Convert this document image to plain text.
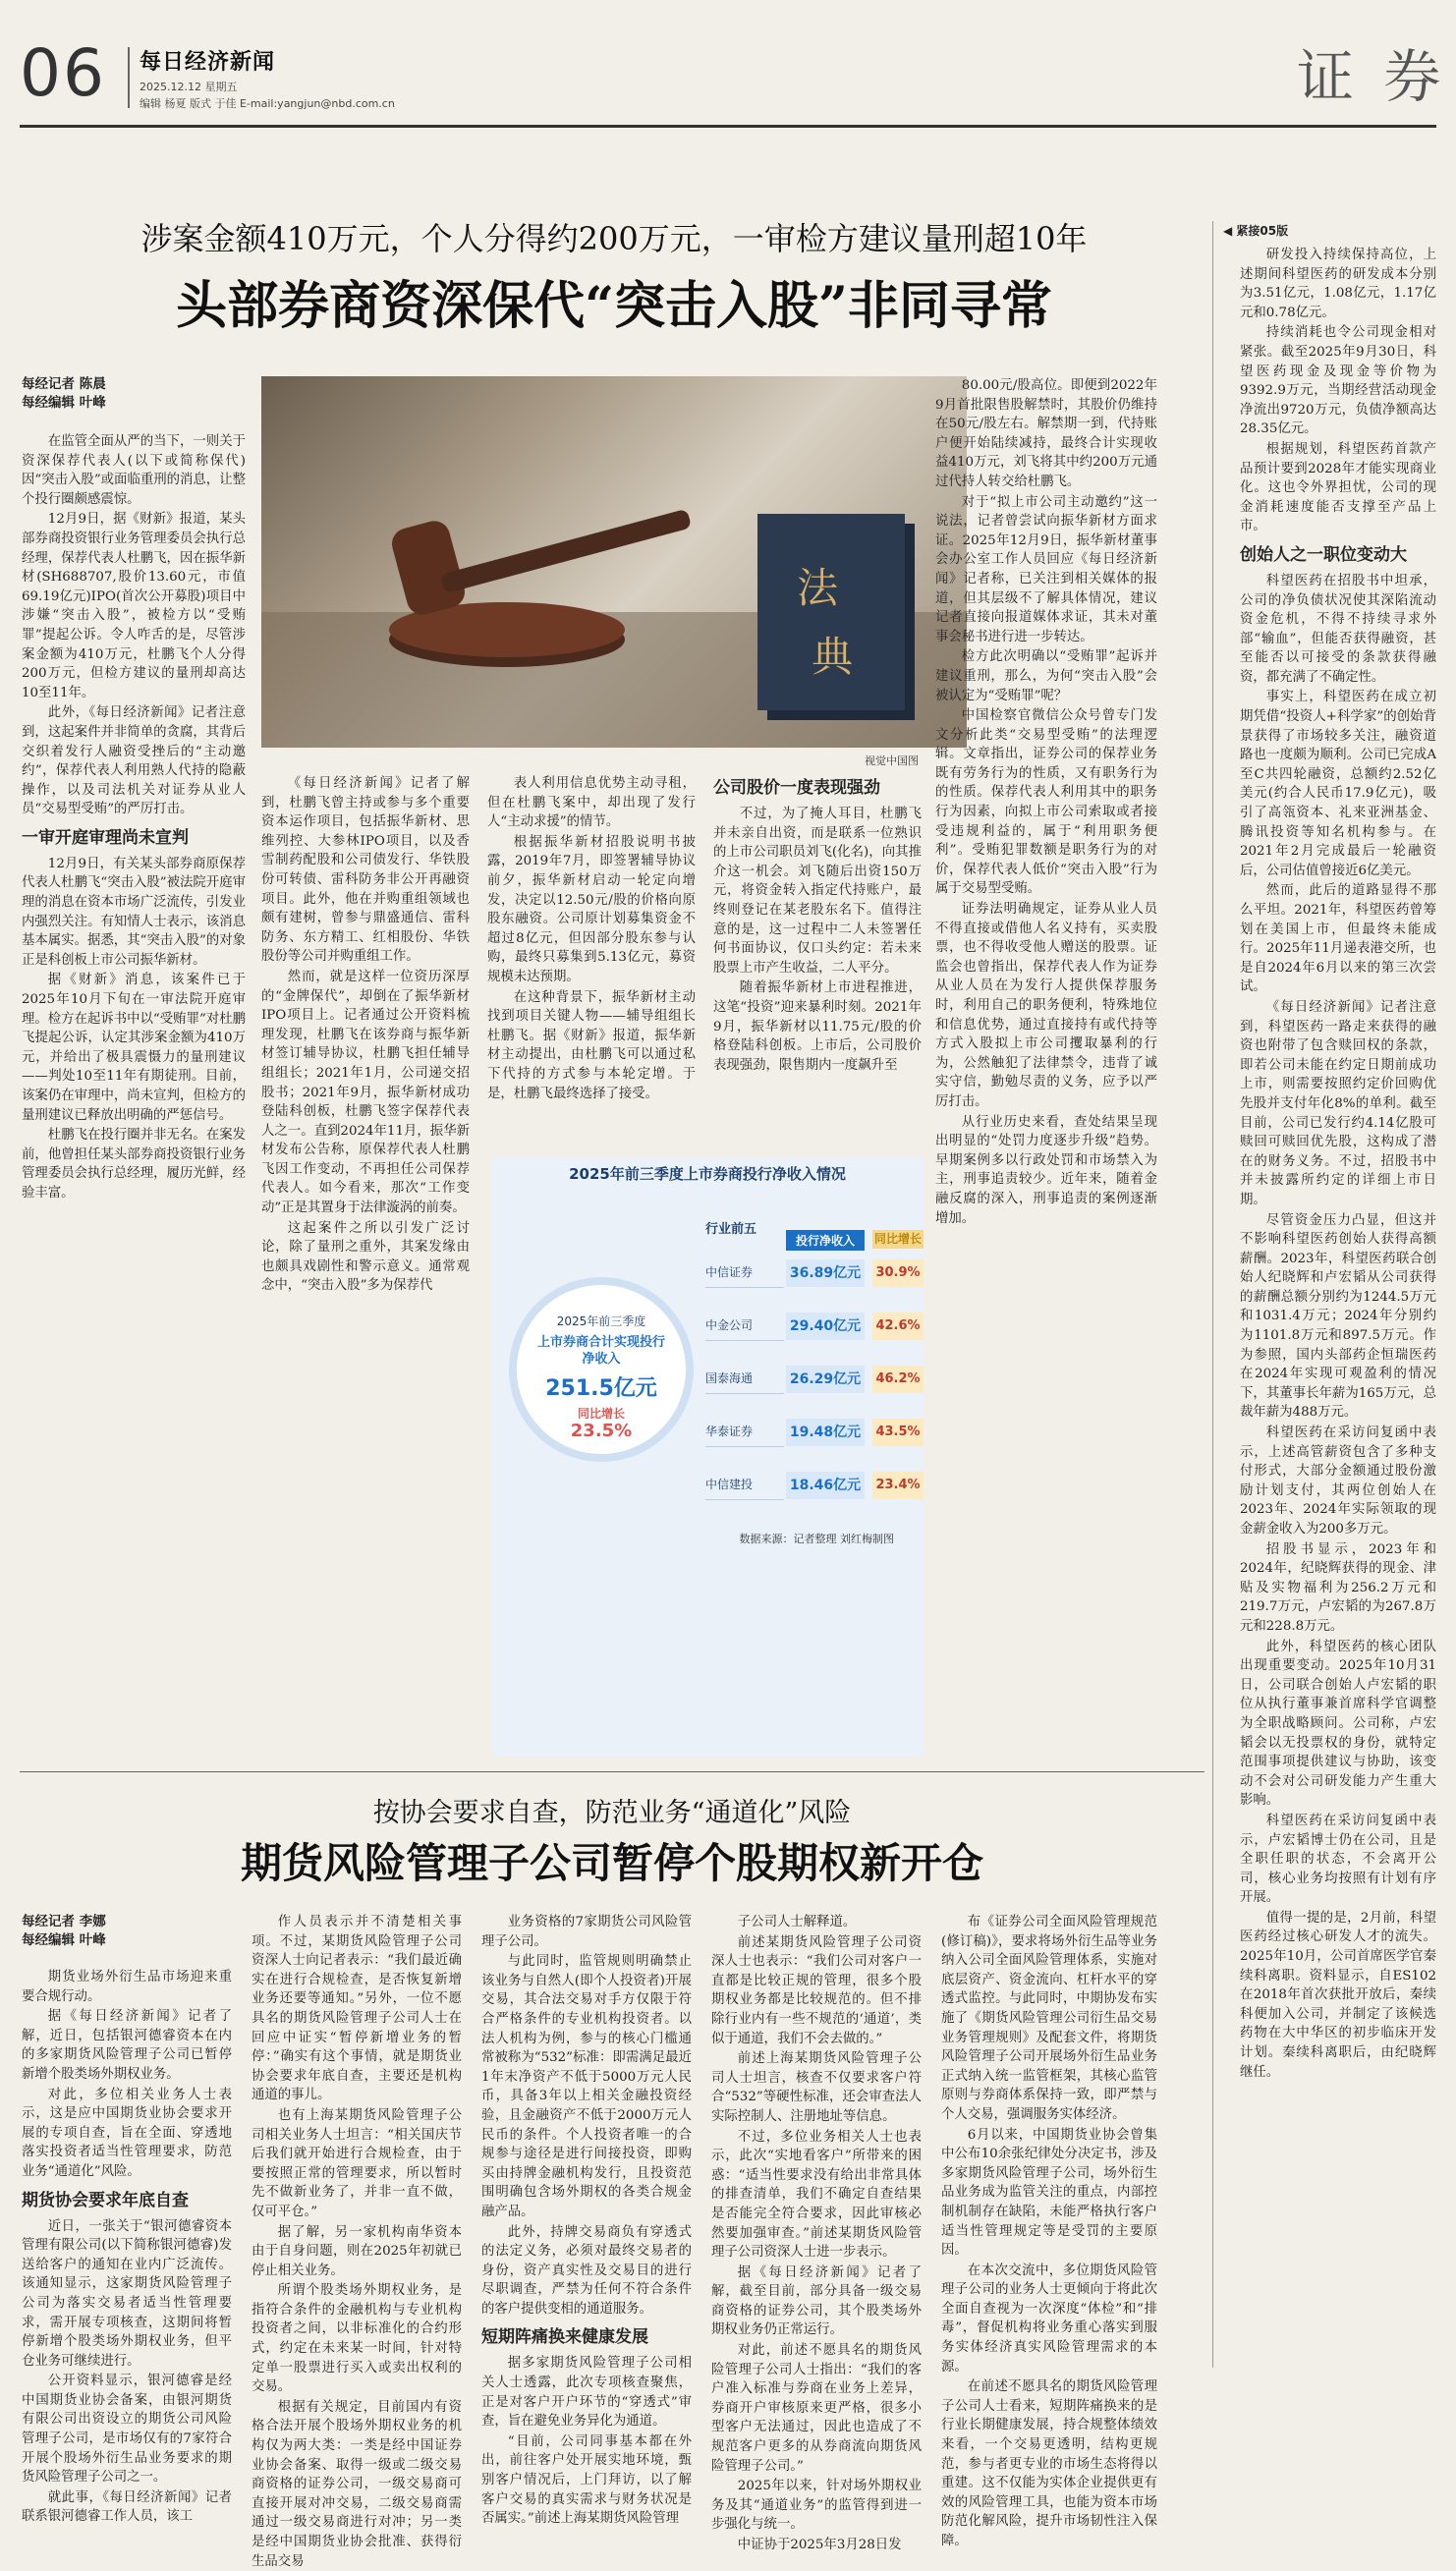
06 每日经济新闻
2025.12.12 星期五
编辑 杨夏 版式 于佳 E-mail:yangjun@nbd.com.cn	证 券
涉案金额410万元，个人分得约200万元，一审检方建议量刑超10年
头部券商资深保代“突击入股”非同寻常
每经记者 陈晨
每经编辑 叶峰

在监管全面从严的当下，一则关于资深保荐代表人(以下或简称保代)因“突击入股”或面临重刑的消息，让整个投行圈颇感震惊。

12月9日，据《财新》报道，某头部券商投资银行业务管理委员会执行总经理，保荐代表人杜鹏飞，因在振华新材(SH688707,股价13.60元，市值69.19亿元)IPO(首次公开募股)项目中涉嫌“突击入股”，被检方以“受贿罪”提起公诉。令人咋舌的是，尽管涉案金额为410万元，杜鹏飞个人分得200万元，但检方建议的量刑却高达10至11年。

此外，《每日经济新闻》记者注意到，这起案件并非简单的贪腐，其背后交织着发行人融资受挫后的“主动邀约”，保荐代表人利用熟人代持的隐蔽操作，以及司法机关对证券从业人员“交易型受贿”的严厉打击。

一审开庭审理尚未宣判

12月9日，有关某头部券商原保荐代表人杜鹏飞“突击入股”被法院开庭审理的消息在资本市场广泛流传，引发业内强烈关注。有知情人士表示，该消息基本属实。据悉，其“突击入股”的对象正是科创板上市公司振华新材。

据《财新》消息，该案件已于2025年10月下旬在一审法院开庭审理。检方在起诉书中以“受贿罪”对杜鹏飞提起公诉，认定其涉案金额为410万元，并给出了极具震慑力的量刑建议——判处10至11年有期徒刑。目前，该案仍在审理中，尚未宣判，但检方的量刑建议已释放出明确的严惩信号。

杜鹏飞在投行圈并非无名。在案发前，他曾担任某头部券商投资银行业务管理委员会执行总经理，履历光鲜，经验丰富。

法
典
视觉中国图

《每日经济新闻》记者了解到，杜鹏飞曾主持或参与多个重要资本运作项目，包括振华新材、思维列控、大参林IPO项目，以及香雪制药配股和公司债发行、华铁股份可转债、雷科防务非公开再融资项目。此外，他在并购重组领域也颇有建树，曾参与鼎盛通信、雷科防务、东方精工、红相股份、华铁股份等公司并购重组工作。

然而，就是这样一位资历深厚的“金牌保代”，却倒在了振华新材IPO项目上。记者通过公开资料梳理发现，杜鹏飞在该券商与振华新材签订辅导协议，杜鹏飞担任辅导组组长；2021年1月，公司递交招股书；2021年9月，振华新材成功登陆科创板，杜鹏飞签字保荐代表人之一。直到2024年11月，振华新材发布公告称，原保荐代表人杜鹏飞因工作变动，不再担任公司保荐代表人。如今看来，那次“工作变动”正是其置身于法律漩涡的前奏。

这起案件之所以引发广泛讨论，除了量刑之重外，其案发缘由也颇具戏剧性和警示意义。通常观念中，“突击入股”多为保荐代

表人利用信息优势主动寻租，但在杜鹏飞案中，却出现了发行人“主动求援”的情节。

根据振华新材招股说明书披露，2019年7月，即签署辅导协议前夕，振华新材启动一轮定向增发，决定以12.50元/股的价格向原股东融资。公司原计划募集资金不超过8亿元，但因部分股东参与认购，最终只募集到5.13亿元，募资规模未达预期。

在这种背景下，振华新材主动找到项目关键人物——辅导组组长杜鹏飞。据《财新》报道，振华新材主动提出，由杜鹏飞可以通过私下代持的方式参与本轮定增。于是，杜鹏飞最终选择了接受。

公司股价一度表现强劲

不过，为了掩人耳目，杜鹏飞并未亲自出资，而是联系一位熟识的上市公司职员刘飞(化名)，向其推介这一机会。刘飞随后出资150万元，将资金转入指定代持账户，最终则登记在某老股东名下。值得注意的是，这一过程中二人未签署任何书面协议，仅口头约定：若未来股票上市产生收益，二人平分。

随着振华新材上市进程推进，这笔“投资”迎来暴利时刻。2021年9月，振华新材以11.75元/股的价格登陆科创板。上市后，公司股价表现强劲，限售期内一度飙升至

80.00元/股高位。即便到2022年9月首批限售股解禁时，其股价仍维持在50元/股左右。解禁期一到，代持账户便开始陆续减持，最终合计实现收益410万元，刘飞将其中约200万元通过代持人转交给杜鹏飞。

对于“拟上市公司主动邀约”这一说法，记者曾尝试向振华新材方面求证。2025年12月9日，振华新材董事会办公室工作人员回应《每日经济新闻》记者称，已关注到相关媒体的报道，但其层级不了解具体情况，建议记者直接向报道媒体求证，其未对董事会秘书进行进一步转达。

检方此次明确以“受贿罪”起诉并建议重刑，那么，为何“突击入股”会被认定为“受贿罪”呢？

中国检察官微信公众号曾专门发文分析此类“交易型受贿”的法理逻辑。文章指出，证券公司的保荐业务既有劳务行为的性质，又有职务行为的性质。保荐代表人利用其中的职务行为因素，向拟上市公司索取或者接受违规利益的，属于“利用职务便利”。受贿犯罪数额是职务行为的对价，保荐代表人低价“突击入股”行为属于交易型受贿。

证券法明确规定，证券从业人员不得直接或借他人名义持有，买卖股票，也不得收受他人赠送的股票。证监会也曾指出，保荐代表人作为证券从业人员在为发行人提供保荐服务时，利用自己的职务便利，特殊地位和信息优势，通过直接持有或代持等方式入股拟上市公司攫取暴利的行为，公然触犯了法律禁令，违背了诚实守信，勤勉尽责的义务，应予以严厉打击。

从行业历史来看，查处结果呈现出明显的“处罚力度逐步升级”趋势。早期案例多以行政处罚和市场禁入为主，刑事追责较少。近年来，随着金融反腐的深入，刑事追责的案例逐渐增加。

2025年前三季度上市券商投行净收入情况
2025年前三季度
上市券商合计实现投行净收入
251.5亿元
同比增长
23.5%
行业前五
投行净收入	同比增长
中信证券	36.89亿元 30.9%
中金公司	29.40亿元 42.6%
国泰海通	26.29亿元 46.2%
华泰证券	19.48亿元 43.5%
中信建投	18.46亿元 23.4%
数据来源：记者整理 刘红梅制图
◀ 紧接05版

研发投入持续保持高位，上述期间科望医药的研发成本分别为3.51亿元，1.08亿元，1.17亿元和0.78亿元。

持续消耗也令公司现金相对紧张。截至2025年9月30日，科望医药现金及现金等价物为9392.9万元，当期经营活动现金净流出9720万元，负债净额高达28.35亿元。

根据规划，科望医药首款产品预计要到2028年才能实现商业化。这也令外界担忧，公司的现金消耗速度能否支撑至产品上市。

创始人之一职位变动大

科望医药在招股书中坦承，公司的净负债状况使其深陷流动资金危机，不得不持续寻求外部“输血”，但能否获得融资，甚至能否以可接受的条款获得融资，都充满了不确定性。

事实上，科望医药在成立初期凭借“投资人+科学家”的创始背景获得了市场较多关注，融资道路也一度颇为顺利。公司已完成A至C共四轮融资，总额约2.52亿美元(约合人民币17.9亿元)，吸引了高瓴资本、礼来亚洲基金、腾讯投资等知名机构参与。在2021年2月完成最后一轮融资后，公司估值曾接近6亿美元。

然而，此后的道路显得不那么平坦。2021年，科望医药曾筹划在美国上市，但最终未能成行。2025年11月递表港交所，也是自2024年6月以来的第三次尝试。

《每日经济新闻》记者注意到，科望医药一路走来获得的融资也附带了包含赎回权的条款，即若公司未能在约定日期前成功上市，则需要按照约定价回购优先股并支付年化8%的单利。截至目前，公司已发行约4.14亿股可赎回可赎回优先股，这构成了潜在的财务义务。不过，招股书中并未披露所约定的详细上市日期。

尽管资金压力凸显，但这并不影响科望医药创始人获得高额薪酬。2023年，科望医药联合创始人纪晓辉和卢宏韬从公司获得的薪酬总额分别约为1244.5万元和1031.4万元；2024年分别约为1101.8万元和897.5万元。作为参照，国内头部药企恒瑞医药在2024年实现可观盈利的情况下，其董事长年薪为165万元，总裁年薪为488万元。

科望医药在采访问复函中表示，上述高管薪资包含了多种支付形式，大部分金额通过股份激励计划支付，其两位创始人在2023年、2024年实际领取的现金薪金收入为200多万元。

招股书显示，2023年和2024年，纪晓辉获得的现金、津贴及实物福利为256.2万元和219.7万元，卢宏韬的为267.8万元和228.8万元。

此外，科望医药的核心团队出现重要变动。2025年10月31日，公司联合创始人卢宏韬的职位从执行董事兼首席科学官调整为全职战略顾问。公司称，卢宏韬会以无投票权的身份，就特定范围事项提供建议与协助，该变动不会对公司研发能力产生重大影响。

科望医药在采访问复函中表示，卢宏韬博士仍在公司，且是全职任职的状态，不会离开公司，核心业务均按照有计划有序开展。

值得一提的是，2月前，科望医药经过核心研发人才的流失。2025年10月，公司首席医学官秦续科离职。资料显示，自ES102在2018年首次获批开放后，秦续科便加入公司，并制定了该候选药物在大中华区的初步临床开发计划。秦续科离职后，由纪晓辉继任。

按协会要求自查，防范业务“通道化”风险
期货风险管理子公司暂停个股期权新开仓
每经记者 李娜
每经编辑 叶峰

期货业场外衍生品市场迎来重要合规行动。

据《每日经济新闻》记者了解，近日，包括银河德睿资本在内的多家期货风险管理子公司已暂停新增个股类场外期权业务。

对此，多位相关业务人士表示，这是应中国期货业协会要求开展的专项自查，旨在全面、穿透地落实投资者适当性管理要求，防范业务“通道化”风险。

期货协会要求年底自查

近日，一张关于“银河德睿资本管理有限公司(以下简称银河德睿)发送给客户的通知在业内广泛流传。该通知显示，这家期货风险管理子公司为落实交易者适当性管理要求，需开展专项核查，这期间将暂停新增个股类场外期权业务，但平仓业务可继续进行。

公开资料显示，银河德睿是经中国期货业协会备案，由银河期货有限公司出资设立的期货公司风险管理子公司，是市场仅有的7家符合开展个股场外衍生品业务要求的期货风险管理子公司之一。

就此事，《每日经济新闻》记者联系银河德睿工作人员，该工

作人员表示并不清楚相关事项。不过，某期货风险管理子公司资深人士向记者表示：“我们最近确实在进行合规检查，是否恢复新增业务还要等通知。”另外，一位不愿具名的期货风险管理子公司人士在回应中证实“暂停新增业务的暂停：”确实有这个事情，就是期货业协会要求年底自查，主要还是机构通道的事儿。

也有上海某期货风险管理子公司相关业务人士坦言：“相关国庆节后我们就开始进行合规检查，由于要按照正常的管理要求，所以暂时先不做新业务了，并非一直不做，仅可平仓。”

据了解，另一家机构南华资本由于自身问题，则在2025年初就已停止相关业务。

所谓个股类场外期权业务，是指符合条件的金融机构与专业机构投资者之间，以非标准化的合约形式，约定在未来某一时间，针对特定单一股票进行买入或卖出权利的交易。

根据有关规定，目前国内有资格合法开展个股场外期权业务的机构仅为两大类：一类是经中国证券业协会备案、取得一级或二级交易商资格的证券公司，一级交易商可直接开展对冲交易，二级交易商需通过一级交易商进行对冲；另一类是经中国期货业协会批准、获得衍生品交易

业务资格的7家期货公司风险管理子公司。

与此同时，监管规则明确禁止该业务与自然人(即个人投资者)开展交易，其合法交易对手方仅限于符合严格条件的专业机构投资者。以法人机构为例，参与的核心门槛通常被称为“532”标准：即需满足最近1年末净资产不低于5000万元人民币，具备3年以上相关金融投资经验，且金融资产不低于2000万元人民币的条件。个人投资者唯一的合规参与途径是进行间接投资，即购买由持牌金融机构发行，且投资范围明确包含场外期权的各类合规金融产品。

此外，持牌交易商负有穿透式的法定义务，必须对最终交易者的身份，资产真实性及交易目的进行尽职调查，严禁为任何不符合条件的客户提供变相的通道服务。

短期阵痛换来健康发展

据多家期货风险管理子公司相关人士透露，此次专项核查聚焦，正是对客户开户环节的“穿透式”审查，旨在避免业务异化为通道。

“目前，公司同事基本都在外出，前往客户处开展实地环境，甄别客户情况后，上门拜访，以了解客户交易的真实需求与财务状况是否属实。”前述上海某期货风险管理

子公司人士解释道。

前述某期货风险管理子公司资深人士也表示：“我们公司对客户一直都是比较正规的管理，很多个股期权业务都是比较规范的。但不排除行业内有一些不规范的‘通道’，类似于通道，我们不会去做的。”

前述上海某期货风险管理子公司人士坦言，核查不仅要求客户符合“532”等硬性标准，还会审查法人实际控制人、注册地址等信息。

不过，多位业务相关人士也表示，此次“实地看客户”所带来的困惑：“适当性要求没有给出非常具体的排查清单，我们不确定自查结果是否能完全符合要求，因此审核必然要加强审查。”前述某期货风险管理子公司资深人士进一步表示。

据《每日经济新闻》记者了解，截至目前，部分具备一级交易商资格的证券公司，其个股类场外期权业务仍正常运行。

对此，前述不愿具名的期货风险管理子公司人士指出：“我们的客户准入标准与券商在业务上差异，券商开户审核原来更严格，很多小型客户无法通过，因此也造成了不规范客户更多的从券商流向期货风险管理子公司。”

2025年以来，针对场外期权业务及其“通道业务”的监管得到进一步强化与统一。

中证协于2025年3月28日发

布《证券公司全面风险管理规范(修订稿)》，要求将场外衍生品等业务纳入公司全面风险管理体系，实施对底层资产、资金流向、杠杆水平的穿透式监控。与此同时，中期协发布实施了《期货风险管理公司衍生品交易业务管理规则》及配套文件，将期货风险管理子公司开展场外衍生品业务正式纳入统一监管框架，其核心监管原则与券商体系保持一致，即严禁与个人交易，强调服务实体经济。

6月以来，中国期货业协会曾集中公布10余张纪律处分决定书，涉及多家期货风险管理子公司，场外衍生品业务成为监管关注的重点，内部控制机制存在缺陷，未能严格执行客户适当性管理规定等是受罚的主要原因。

在本次交流中，多位期货风险管理子公司的业务人士更倾向于将此次全面自查视为一次深度“体检”和“排毒”，督促机构将业务重心落实到服务实体经济真实风险管理需求的本源。

在前述不愿具名的期货风险管理子公司人士看来，短期阵痛换来的是行业长期健康发展，持合规整体绩效来看，一个交易更透明，结构更规范，参与者更专业的市场生态将得以重建。这不仅能为实体企业提供更有效的风险管理工具，也能为资本市场防范化解风险，提升市场韧性注入保障。
